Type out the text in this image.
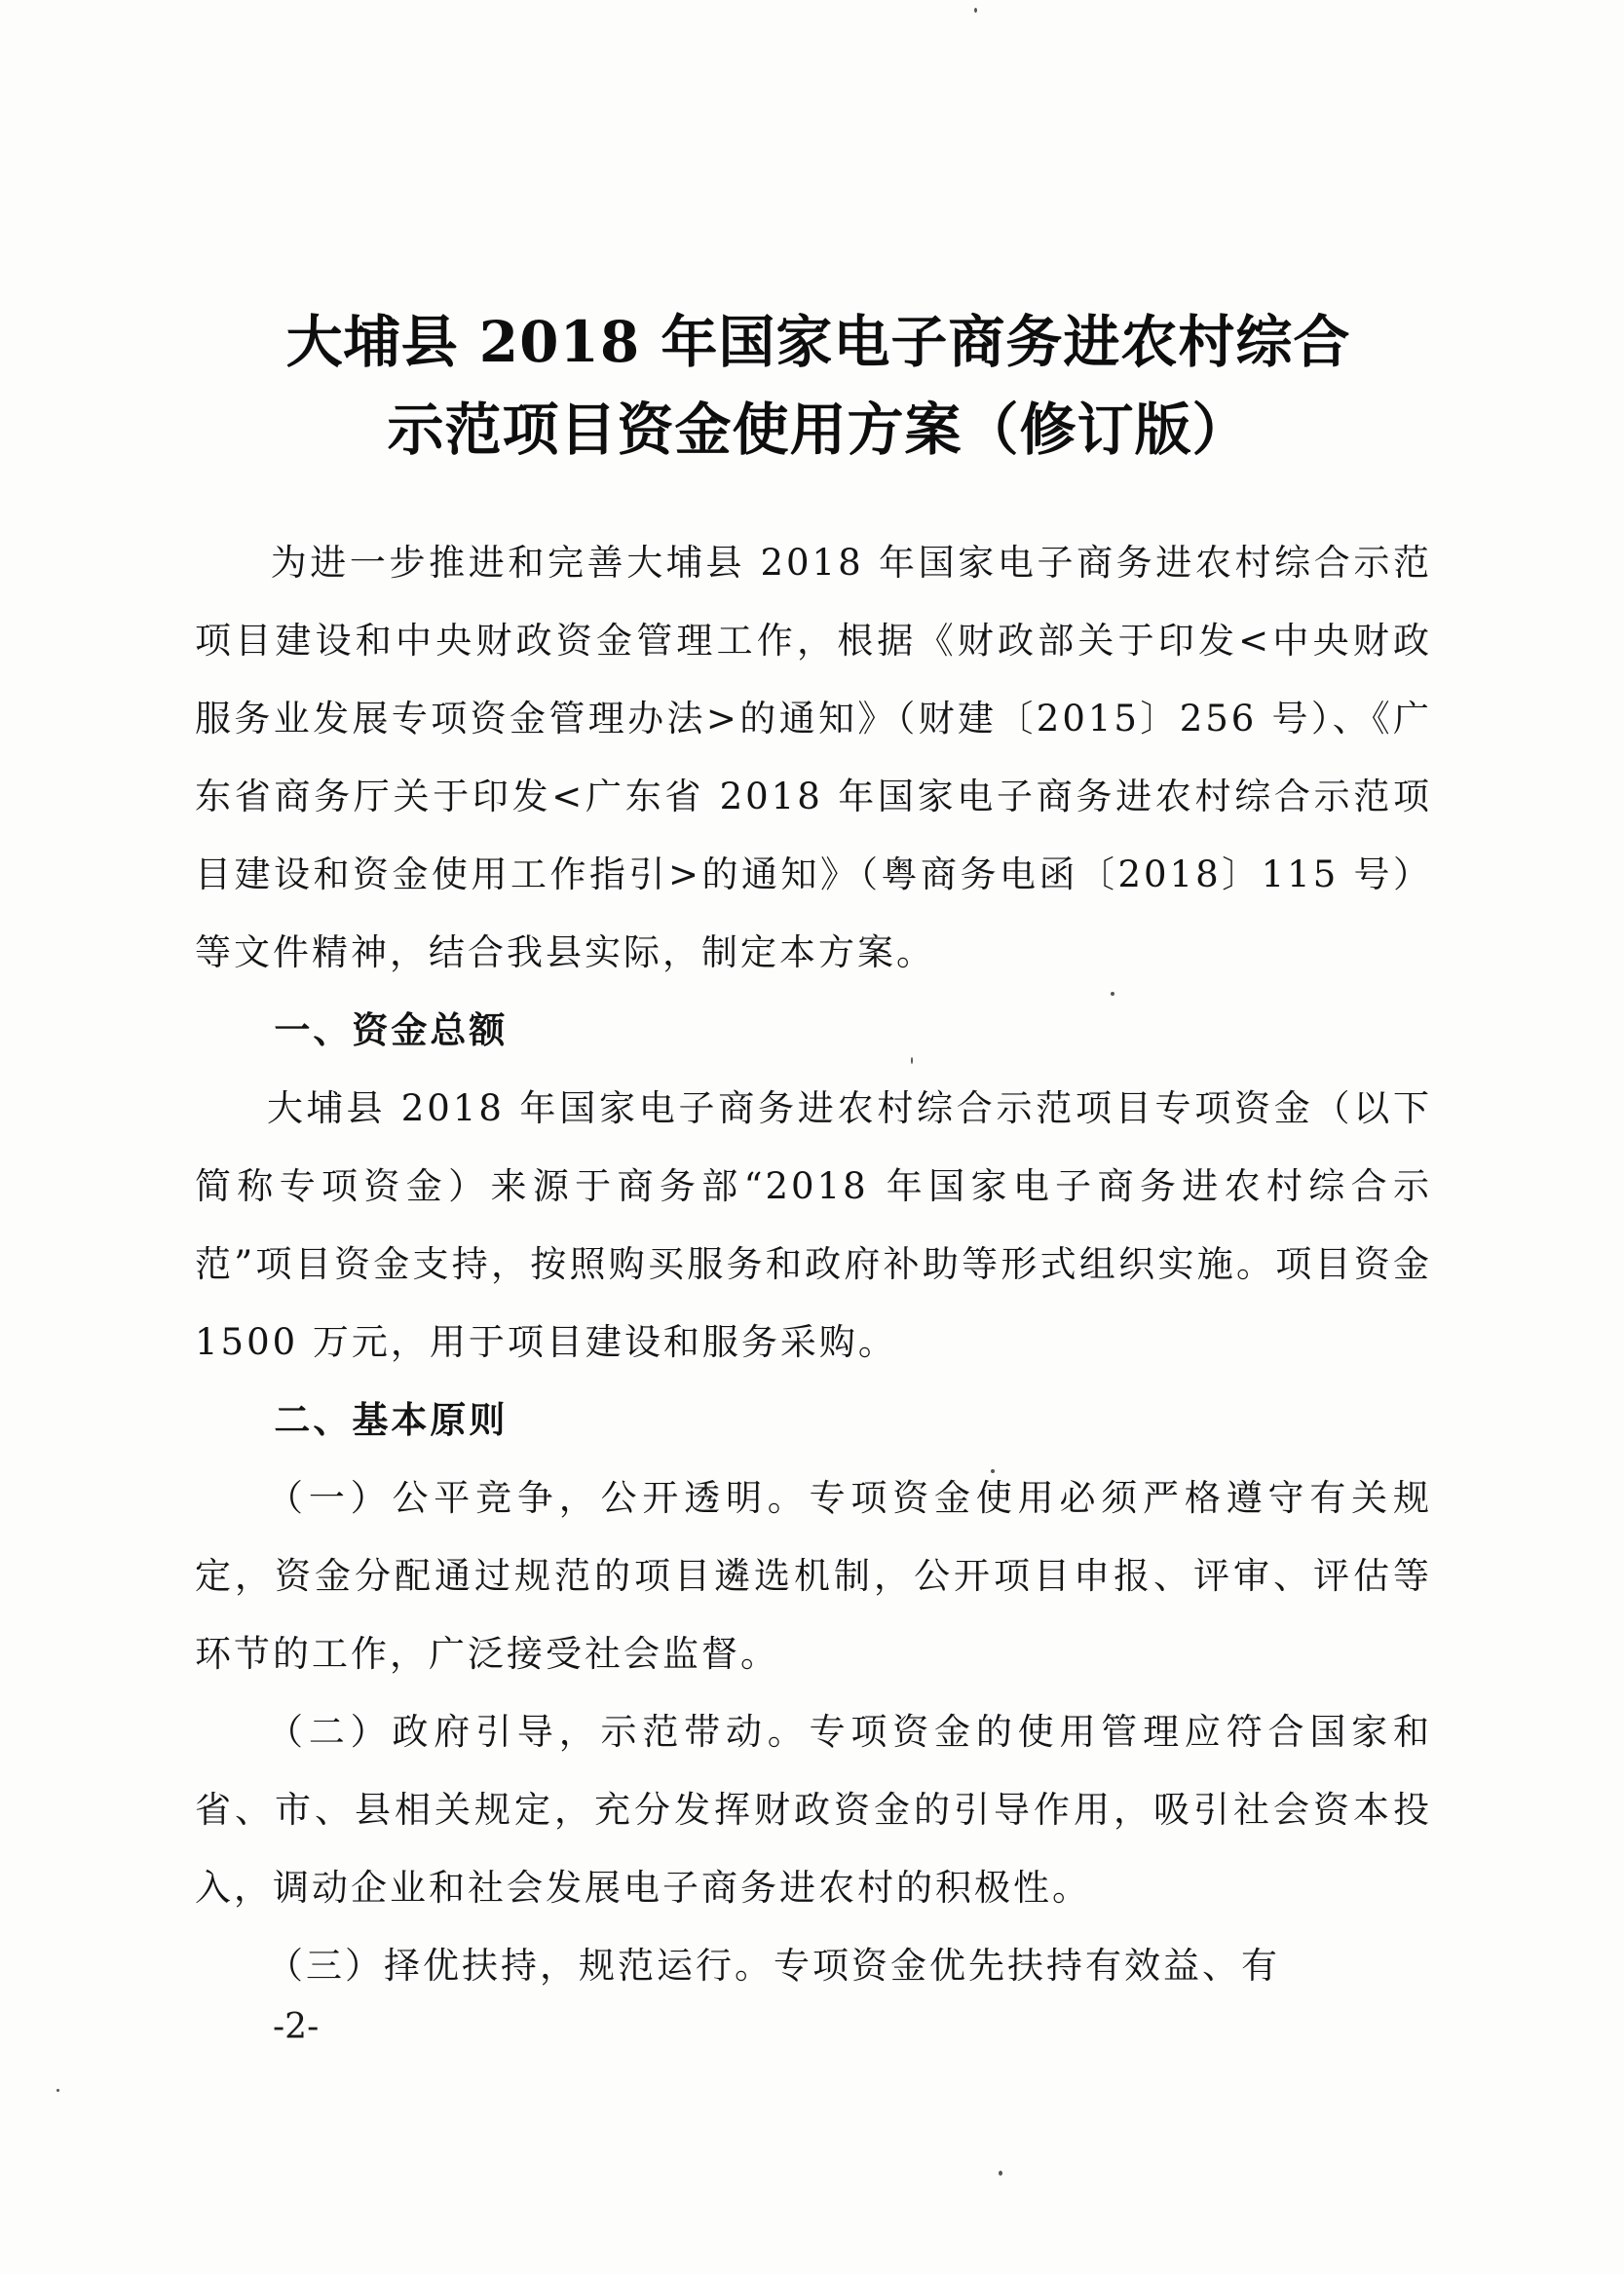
大埔县 2018 年国家电子商务进农村综合
示范项目资金使用方案（修订版）

为进一步推进和完善大埔县 2018 年国家电子商务进农村综合示范项目建设和中央财政资金管理工作，根据《财政部关于印发<中央财政服务业发展专项资金管理办法>的通知》（财建〔2015〕256 号）、《广东省商务厅关于印发<广东省 2018 年国家电子商务进农村综合示范项目建设和资金使用工作指引>的通知》（粤商务电函〔2018〕115 号）等文件精神，结合我县实际，制定本方案。

一、资金总额

大埔县 2018 年国家电子商务进农村综合示范项目专项资金（以下简称专项资金）来源于商务部“2018 年国家电子商务进农村综合示范”项目资金支持，按照购买服务和政府补助等形式组织实施。项目资金 1500 万元，用于项目建设和服务采购。

二、基本原则

（一）公平竞争，公开透明。专项资金使用必须严格遵守有关规定，资金分配通过规范的项目遴选机制，公开项目申报、评审、评估等环节的工作，广泛接受社会监督。

（二）政府引导，示范带动。专项资金的使用管理应符合国家和省、市、县相关规定，充分发挥财政资金的引导作用，吸引社会资本投入，调动企业和社会发展电子商务进农村的积极性。

（三）择优扶持，规范运行。专项资金优先扶持有效益、有

-2-
